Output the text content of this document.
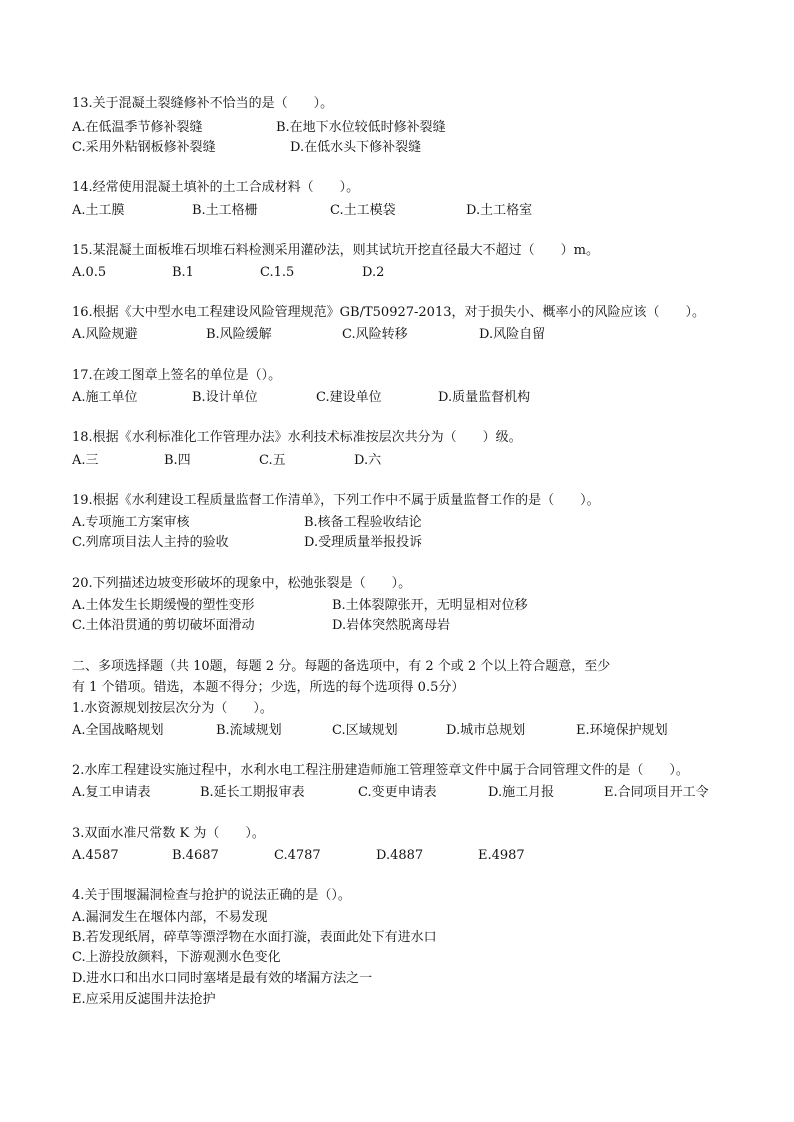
13.关于混凝土裂缝修补不恰当的是（　　）。
A.在低温季节修补裂缝	B.在地下水位较低时修补裂缝
C.采用外粘钢板修补裂缝	D.在低水头下修补裂缝
14.经常使用混凝土填补的土工合成材料（　　）。
A.土工膜	B.土工格栅	C.土工模袋	D.土工格室
15.某混凝土面板堆石坝堆石料检测采用灌砂法，则其试坑开挖直径最大不超过（　　）m。
A.0.5	B.1	C.1.5	D.2
16.根据《大中型水电工程建设风险管理规范》GB/T50927-2013，对于损失小、概率小的风险应该（　　）。
A.风险规避	B.风险缓解	C.风险转移	D.风险自留
17.在竣工图章上签名的单位是（）。
A.施工单位	B.设计单位	C.建设单位	D.质量监督机构
18.根据《水利标准化工作管理办法》水利技术标准按层次共分为（　　）级。
A.三	B.四	C.五	D.六
19.根据《水利建设工程质量监督工作清单》，下列工作中不属于质量监督工作的是（　　）。
A.专项施工方案审核	B.核备工程验收结论
C.列席项目法人主持的验收	D.受理质量举报投诉
20.下列描述边坡变形破坏的现象中，松弛张裂是（　　）。
A.土体发生长期缓慢的塑性变形	B.土体裂隙张开，无明显相对位移
C.土体沿贯通的剪切破坏面滑动	D.岩体突然脱离母岩
二、多项选择题（共 10题，每题 2 分。每题的备选项中，有 2 个或 2 个以上符合题意，至少
有 1 个错项。错选，本题不得分；少选，所选的每个选项得 0.5分）
1.水资源规划按层次分为（　　）。
A.全国战略规划	B.流域规划	C.区域规划	D.城市总规划	E.环境保护规划
2.水库工程建设实施过程中，水利水电工程注册建造师施工管理签章文件中属于合同管理文件的是（　　）。
A.复工申请表	B.延长工期报审表	C.变更申请表	D.施工月报	E.合同项目开工令
3.双面水准尺常数 K 为（　　）。
A.4587	B.4687	C.4787	D.4887	E.4987
4.关于围堰漏洞检查与抢护的说法正确的是（）。
A.漏洞发生在堰体内部，不易发现
B.若发现纸屑，碎草等漂浮物在水面打漩，表面此处下有进水口
C.上游投放颜料，下游观测水色变化
D.进水口和出水口同时塞堵是最有效的堵漏方法之一
E.应采用反滤围井法抢护
